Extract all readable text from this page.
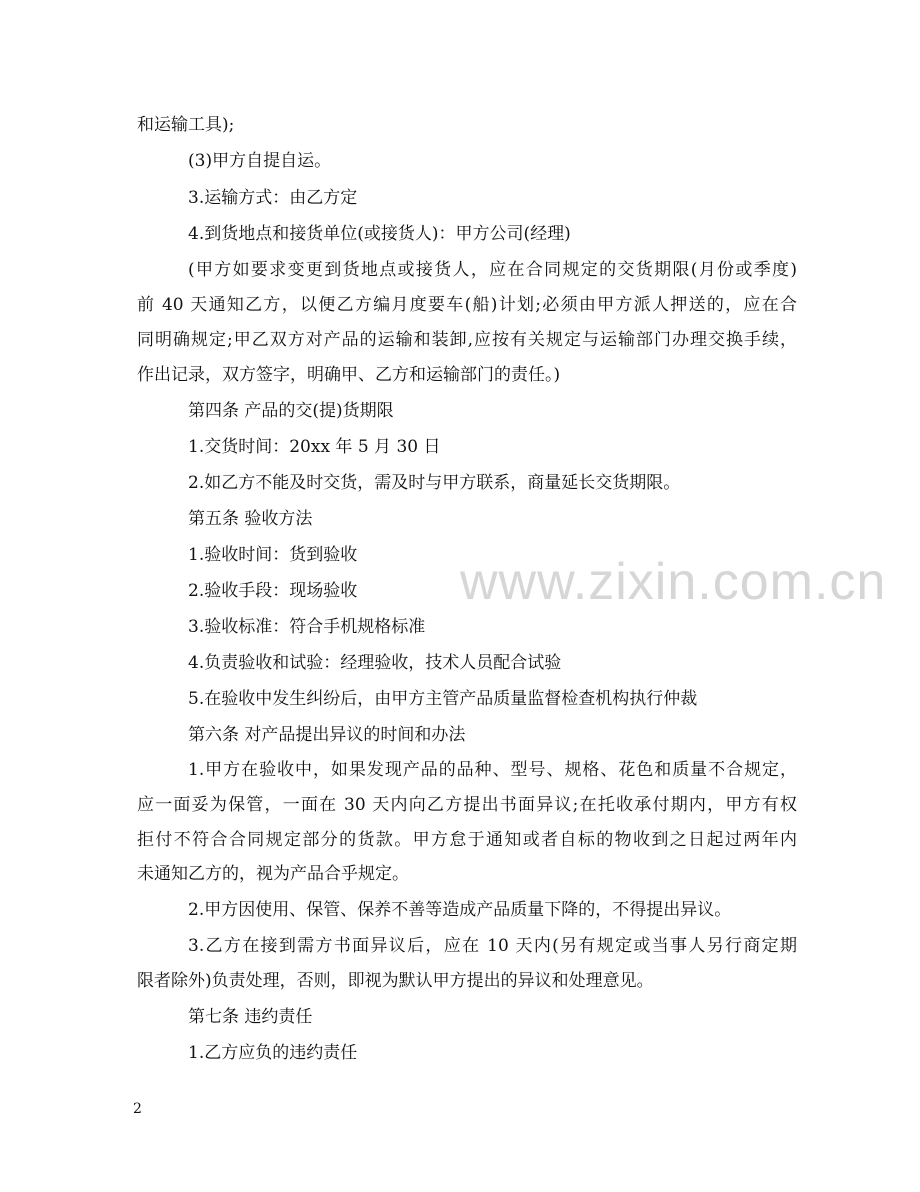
和运输工具);
(3)甲方自提自运。
3.运输方式：由乙方定
4.到货地点和接货单位(或接货人)：甲方公司(经理)
(甲方如要求变更到货地点或接货人，应在合同规定的交货期限(月份或季度)
前 40 天通知乙方，以便乙方编月度要车(船)计划;必须由甲方派人押送的，应在合
同明确规定;甲乙双方对产品的运输和装卸,应按有关规定与运输部门办理交换手续，
作出记录，双方签字，明确甲、乙方和运输部门的责任。)
第四条 产品的交(提)货期限
1.交货时间：20xx 年 5 月 30 日
2.如乙方不能及时交货，需及时与甲方联系，商量延长交货期限。
第五条 验收方法
1.验收时间：货到验收
2.验收手段：现场验收
3.验收标准：符合手机规格标准
4.负责验收和试验：经理验收，技术人员配合试验
5.在验收中发生纠纷后，由甲方主管产品质量监督检查机构执行仲裁
第六条 对产品提出异议的时间和办法
1.甲方在验收中，如果发现产品的品种、型号、规格、花色和质量不合规定，
应一面妥为保管，一面在 30 天内向乙方提出书面异议;在托收承付期内，甲方有权
拒付不符合合同规定部分的货款。甲方怠于通知或者自标的物收到之日起过两年内
未通知乙方的，视为产品合乎规定。
2.甲方因使用、保管、保养不善等造成产品质量下降的，不得提出异议。
3.乙方在接到需方书面异议后，应在 10 天内(另有规定或当事人另行商定期
限者除外)负责处理，否则，即视为默认甲方提出的异议和处理意见。
第七条 违约责任
1.乙方应负的违约责任
www.zixin.com.cn
2
